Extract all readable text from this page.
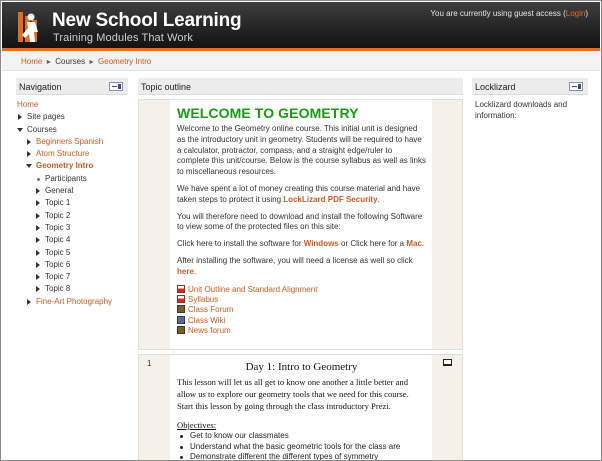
New School Learning
Training Modules That Work
You are currently using guest access (Login)
Home ► Courses ► Geometry Intro
Navigation
Home
Site pages
Courses
Beginners Spanish
Atom Structure
Geometry Intro
Participants
General
Topic 1
Topic 2
Topic 3
Topic 4
Topic 5
Topic 6
Topic 7
Topic 8
Fine-Art Photography
Topic outline
WELCOME TO GEOMETRY

Welcome to the Geometry online course. This initial unit is designed as the introductory unit in geometry. Students will be required to have a calculator, protractor, compass, and a straight edge/ruler to complete this unit/course. Below is the course syllabus as well as links to miscellaneous resources.

We have spent a lot of money creating this course material and have taken steps to protect it using LockLizard PDF Security.

You will therefore need to download and install the following Software to view some of the protected files on this site:

Click here to install the software for Windows or Click here for a Mac.

After installing the software, you will need a license as well so click here.

Unit Outline and Standard Alignment
Syllabus
Class Forum
Class Wiki
News forum
1	Day 1: Intro to Geometry

This lesson will let us all get to know one another a little better and allow us to explore our geometry tools that we need for this course. Start this lesson by going through the class introductory Prezi.

Objectives:
Get to know our classmates
Understand what the basic geometric tools for the class are
Demonstrate different the different types of symmetry
Locklizard
Locklizard downloads and information:
